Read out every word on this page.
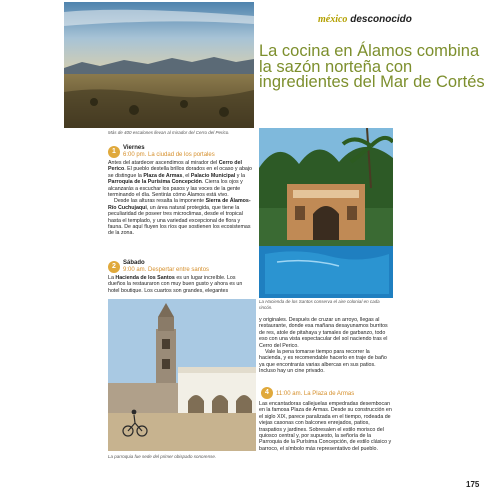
méxico desconocido
La cocina en Álamos combina la sazón norteña con ingredientes del Mar de Cortés
Más de 400 escalones llevan al mirador del Cerro del Perico.
1	Viernes
6:00 pm. La ciudad de los portales

Antes del atardecer ascendimos al mirador del Cerro del Perico. El pueblo destella brillos dorados en el ocaso y abajo se distingue la Plaza de Armas, el Palacio Municipal y la Parroquia de la Purísima Concepción. Cierra los ojos y alcanzarás a escuchar los pasos y las voces de la gente terminando el día. Sentirás cómo Álamos está vivo.

Desde las alturas resalta la imponente Sierra de Álamos-Río Cuchujaqui, un área natural protegida, que tiene la peculiaridad de poseer tres microclimas, desde el tropical hasta el templado, y una variedad excepcional de flora y fauna. De aquí fluyen los ríos que sostienen los ecosistemas de la zona.

2	Sábado
9:00 am. Despertar entre santos

La Hacienda de los Santos es un lugar increíble. Los dueños la restauraron con muy buen gusto y ahora es un hotel boutique. Los cuartos son grandes, elegantes

La Hacienda de los Santos conserva el aire colonial en cada rincón.

y originales. Después de cruzar un arroyo, llegas al restaurante, donde esa mañana desayunamos burritos de res, atole de pitahaya y tamales de garbanzo, todo eso con una vista espectacular del sol naciendo tras el Cerro del Perico.

Vale la pena tomarse tiempo para recorrer la hacienda, y es recomendable hacerlo en traje de baño ya que encontrarás varias albercas en sus patios. Incluso hay un cine privado.

4	11:00 am. La Plaza de Armas

Las encantadoras callejuelas empedradas desembocan en la famosa Plaza de Armas. Desde su construcción en el siglo XIX, parece paralizada en el tiempo, rodeada de viejas casonas con balcones enrejados, patios, traspatios y jardines. Sobresalen el estilo morisco del quiosco central y, por supuesto, la señoría de la Parroquia de la Purísima Concepción, de estilo clásico y barroco, el símbolo más representativo del pueblo.

La parroquia fue sede del primer obispado sonorense.
175
